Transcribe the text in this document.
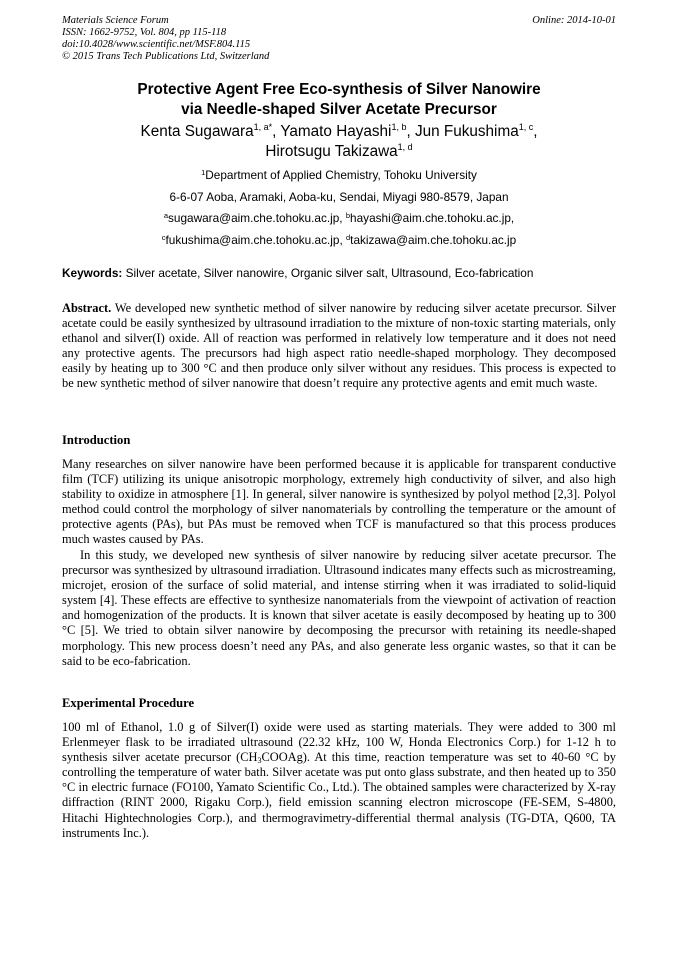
Materials Science Forum
ISSN: 1662-9752, Vol. 804, pp 115-118
doi:10.4028/www.scientific.net/MSF.804.115
© 2015 Trans Tech Publications Ltd, Switzerland
Online: 2014-10-01
Protective Agent Free Eco-synthesis of Silver Nanowire
via Needle-shaped Silver Acetate Precursor
Kenta Sugawara$^{1, a*}$, Yamato Hayashi$^{1, b}$, Jun Fukushima$^{1, c}$,
Hirotsugu Takizawa$^{1, d}$
$^1$Department of Applied Chemistry, Tohoku University
6-6-07 Aoba, Aramaki, Aoba-ku, Sendai, Miyagi 980-8579, Japan
$^a$sugawara@aim.che.tohoku.ac.jp, $^b$hayashi@aim.che.tohoku.ac.jp,
$^c$fukushima@aim.che.tohoku.ac.jp, $^d$takizawa@aim.che.tohoku.ac.jp
Keywords: Silver acetate, Silver nanowire, Organic silver salt, Ultrasound, Eco-fabrication
Abstract. We developed new synthetic method of silver nanowire by reducing silver acetate precursor. Silver acetate could be easily synthesized by ultrasound irradiation to the mixture of non-toxic starting materials, only ethanol and silver(I) oxide. All of reaction was performed in relatively low temperature and it does not need any protective agents. The precursors had high aspect ratio needle-shaped morphology. They decomposed easily by heating up to 300 °C and then produce only silver without any residues. This process is expected to be new synthetic method of silver nanowire that doesn’t require any protective agents and emit much waste.
Introduction
Many researches on silver nanowire have been performed because it is applicable for transparent conductive film (TCF) utilizing its unique anisotropic morphology, extremely high conductivity of silver, and also high stability to oxidize in atmosphere [1]. In general, silver nanowire is synthesized by polyol method [2,3]. Polyol method could control the morphology of silver nanomaterials by controlling the temperature or the amount of protective agents (PAs), but PAs must be removed when TCF is manufactured so that this process produces much wastes caused by PAs.
In this study, we developed new synthesis of silver nanowire by reducing silver acetate precursor. The precursor was synthesized by ultrasound irradiation. Ultrasound indicates many effects such as microstreaming, microjet, erosion of the surface of solid material, and intense stirring when it was irradiated to solid-liquid system [4]. These effects are effective to synthesize nanomaterials from the viewpoint of activation of reaction and homogenization of the products. It is known that silver acetate is easily decomposed by heating up to 300 °C [5]. We tried to obtain silver nanowire by decomposing the precursor with retaining its needle-shaped morphology. This new process doesn’t need any PAs, and also generate less organic wastes, so that it can be said to be eco-fabrication.
Experimental Procedure
100 ml of Ethanol, 1.0 g of Silver(I) oxide were used as starting materials. They were added to 300 ml Erlenmeyer flask to be irradiated ultrasound (22.32 kHz, 100 W, Honda Electronics Corp.) for 1-12 h to synthesis silver acetate precursor $(CH_3COOAg)$. At this time, reaction temperature was set to 40-60 °C by controlling the temperature of water bath. Silver acetate was put onto glass substrate, and then heated up to 350 °C in electric furnace (FO100, Yamato Scientific Co., Ltd.). The obtained samples were characterized by X-ray diffraction (RINT 2000, Rigaku Corp.), field emission scanning electron microscope (FE-SEM, S-4800, Hitachi Hightechnologies Corp.), and thermogravimetry-differential thermal analysis (TG-DTA, Q600, TA instruments Inc.).
